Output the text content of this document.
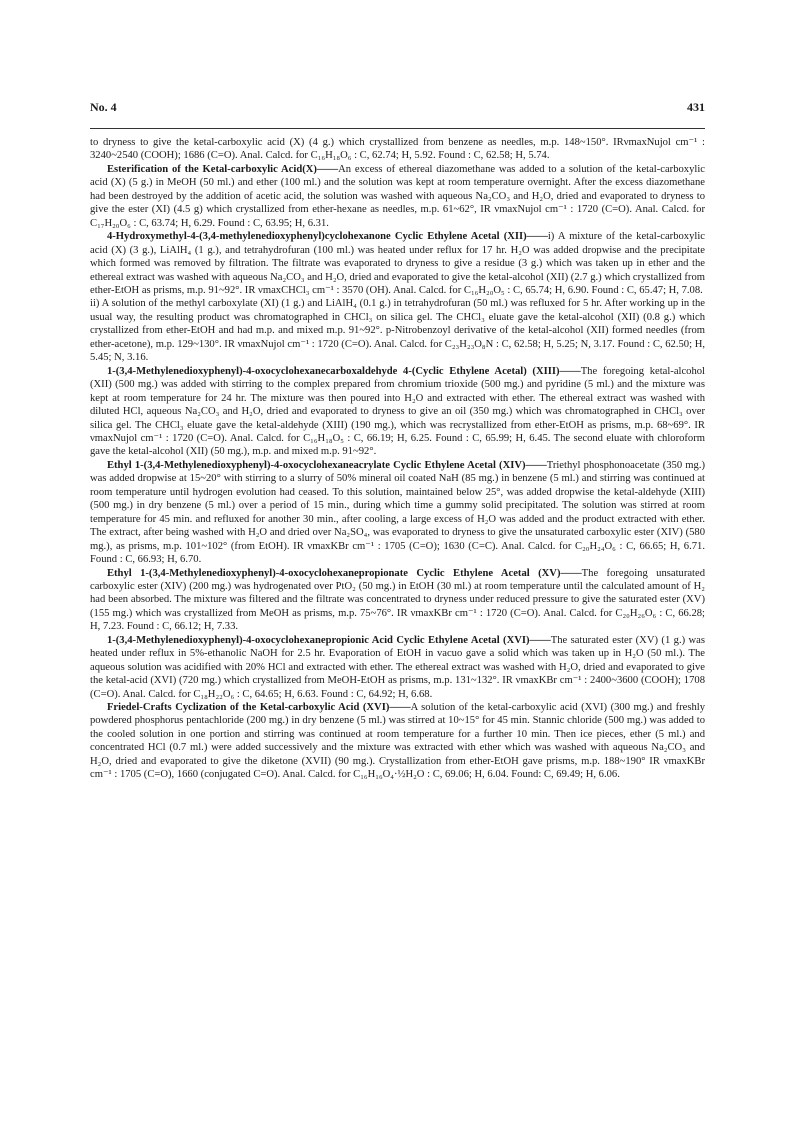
No. 4	431

to dryness to give the ketal-carboxylic acid (X) (4 g.) which crystallized from benzene as needles, m.p. 148~150°. IRνmaxNujol cm⁻¹ : 3240~2540 (COOH); 1686 (C=O). Anal. Calcd. for C₁₆H₁₈O₆ : C, 62.74; H, 5.92. Found : C, 62.58; H, 5.74.

Esterification of the Ketal-carboxylic Acid(X)——An excess of ethereal diazomethane was added to a solution of the ketal-carboxylic acid (X) (5 g.) in MeOH (50 ml.) and ether (100 ml.) and the solution was kept at room temperature overnight. After the excess diazomethane had been destroyed by the addition of acetic acid, the solution was washed with aqueous Na₂CO₃ and H₂O, dried and evaporated to dryness to give the ester (XI) (4.5 g) which crystallized from ether-hexane as needles, m.p. 61~62°, IR νmaxNujol cm⁻¹ : 1720 (C=O). Anal. Calcd. for C₁₇H₂₀O₆ : C, 63.74; H, 6.29. Found : C, 63.95; H, 6.31.

4-Hydroxymethyl-4-(3,4-methylenedioxyphenyl)cyclohexanone Cyclic Ethylene Acetal (XII)——i) A mixture of the ketal-carboxylic acid (X) (3 g.), LiAlH₄ (1 g.), and tetrahydrofuran (100 ml.) was heated under reflux for 17 hr. H₂O was added dropwise and the precipitate which formed was removed by filtration. The filtrate was evaporated to dryness to give a residue (3 g.) which was taken up in ether and the ethereal extract was washed with aqueous Na₂CO₃ and H₂O, dried and evaporated to give the ketal-alcohol (XII) (2.7 g.) which crystallized from ether-EtOH as prisms, m.p. 91~92°. IR νmaxCHCl₃ cm⁻¹ : 3570 (OH). Anal. Calcd. for C₁₆H₂₀O₅ : C, 65.74; H, 6.90. Found : C, 65.47; H, 7.08.

ii) A solution of the methyl carboxylate (XI) (1 g.) and LiAlH₄ (0.1 g.) in tetrahydrofuran (50 ml.) was refluxed for 5 hr. After working up in the usual way, the resulting product was chromatographed in CHCl₃ on silica gel. The CHCl₃ eluate gave the ketal-alcohol (XII) (0.8 g.) which crystallized from ether-EtOH and had m.p. and mixed m.p. 91~92°. p-Nitrobenzoyl derivative of the ketal-alcohol (XII) formed needles (from ether-acetone), m.p. 129~130°. IR νmaxNujol cm⁻¹ : 1720 (C=O). Anal. Calcd. for C₂₃H₂₃O₈N : C, 62.58; H, 5.25; N, 3.17. Found : C, 62.50; H, 5.45; N, 3.16.

1-(3,4-Methylenedioxyphenyl)-4-oxocyclohexanecarboxaldehyde 4-(Cyclic Ethylene Acetal) (XIII)——The foregoing ketal-alcohol (XII) (500 mg.) was added with stirring to the complex prepared from chromium trioxide (500 mg.) and pyridine (5 ml.) and the mixture was kept at room temperature for 24 hr. The mixture was then poured into H₂O and extracted with ether. The ethereal extract was washed with diluted HCl, aqueous Na₂CO₃ and H₂O, dried and evaporated to dryness to give an oil (350 mg.) which was chromatographed in CHCl₃ over silica gel. The CHCl₃ eluate gave the ketal-aldehyde (XIII) (190 mg.), which was recrystallized from ether-EtOH as prisms, m.p. 68~69°. IR νmaxNujol cm⁻¹ : 1720 (C=O). Anal. Calcd. for C₁₆H₁₈O₅ : C, 66.19; H, 6.25. Found : C, 65.99; H, 6.45. The second eluate with chloroform gave the ketal-alcohol (XII) (50 mg.), m.p. and mixed m.p. 91~92°.

Ethyl 1-(3,4-Methylenedioxyphenyl)-4-oxocyclohexaneacrylate Cyclic Ethylene Acetal (XIV)——Triethyl phosphonoacetate (350 mg.) was added dropwise at 15~20° with stirring to a slurry of 50% mineral oil coated NaH (85 mg.) in benzene (5 ml.) and stirring was continued at room temperature until hydrogen evolution had ceased. To this solution, maintained below 25°, was added dropwise the ketal-aldehyde (XIII) (500 mg.) in dry benzene (5 ml.) over a period of 15 min., during which time a gummy solid precipitated. The solution was stirred at room temperature for 45 min. and refluxed for another 30 min., after cooling, a large excess of H₂O was added and the product extracted with ether. The extract, after being washed with H₂O and dried over Na₂SO₄, was evaporated to dryness to give the unsaturated carboxylic ester (XIV) (580 mg.), as prisms, m.p. 101~102° (from EtOH). IR νmaxKBr cm⁻¹ : 1705 (C=O); 1630 (C=C). Anal. Calcd. for C₂₀H₂₄O₆ : C, 66.65; H, 6.71. Found : C, 66.93; H, 6.70.

Ethyl 1-(3,4-Methylenedioxyphenyl)-4-oxocyclohexanepropionate Cyclic Ethylene Acetal (XV)——The foregoing unsaturated carboxylic ester (XIV) (200 mg.) was hydrogenated over PtO₂ (50 mg.) in EtOH (30 ml.) at room temperature until the calculated amount of H₂ had been absorbed. The mixture was filtered and the filtrate was concentrated to dryness under reduced pressure to give the saturated ester (XV) (155 mg.) which was crystallized from MeOH as prisms, m.p. 75~76°. IR νmaxKBr cm⁻¹ : 1720 (C=O). Anal. Calcd. for C₂₀H₂₆O₆ : C, 66.28; H, 7.23. Found : C, 66.12; H, 7.33.

1-(3,4-Methylenedioxyphenyl)-4-oxocyclohexanepropionic Acid Cyclic Ethylene Acetal (XVI)——The saturated ester (XV) (1 g.) was heated under reflux in 5%-ethanolic NaOH for 2.5 hr. Evaporation of EtOH in vacuo gave a solid which was taken up in H₂O (50 ml.). The aqueous solution was acidified with 20% HCl and extracted with ether. The ethereal extract was washed with H₂O, dried and evaporated to give the ketal-acid (XVI) (720 mg.) which crystallized from MeOH-EtOH as prisms, m.p. 131~132°. IR νmaxKBr cm⁻¹ : 2400~3600 (COOH); 1708 (C=O). Anal. Calcd. for C₁₈H₂₂O₆ : C, 64.65; H, 6.63. Found : C, 64.92; H, 6.68.

Friedel-Crafts Cyclization of the Ketal-carboxylic Acid (XVI)——A solution of the ketal-carboxylic acid (XVI) (300 mg.) and freshly powdered phosphorus pentachloride (200 mg.) in dry benzene (5 ml.) was stirred at 10~15° for 45 min. Stannic chloride (500 mg.) was added to the cooled solution in one portion and stirring was continued at room temperature for a further 10 min. Then ice pieces, ether (5 ml.) and concentrated HCl (0.7 ml.) were added successively and the mixture was extracted with ether which was washed with aqueous Na₂CO₃ and H₂O, dried and evaporated to give the diketone (XVII) (90 mg.). Crystallization from ether-EtOH gave prisms, m.p. 188~190° IR νmaxKBr cm⁻¹ : 1705 (C=O), 1660 (conjugated C=O). Anal. Calcd. for C₁₆H₁₆O₄·½H₂O : C, 69.06; H, 6.04. Found: C, 69.49; H, 6.06.
